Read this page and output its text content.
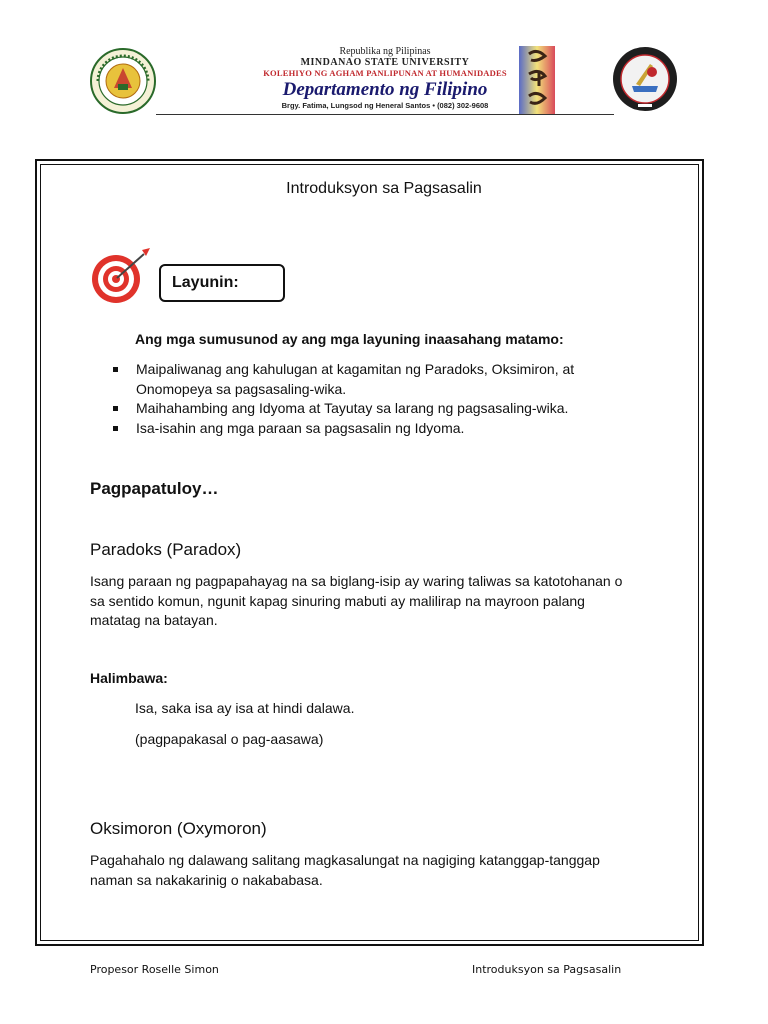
Republika ng Pilipinas
MINDANAO STATE UNIVERSITY
KOLEHIYO NG AGHAM PANLIPUNAN AT HUMANIDADES
Departamento ng Filipino
Brgy. Fatima, Lungsod ng Heneral Santos • (082) 302-9608
Introduksyon sa Pagsasalin
Layunin:
Ang mga sumusunod ay ang mga layuning inaasahang matamo:
Maipaliwanag ang kahulugan at kagamitan ng Paradoks, Oksimiron, at Onomopeya sa pagsasaling-wika.
Maihahambing ang Idyoma at Tayutay sa larang ng pagsasaling-wika.
Isa-isahin ang mga paraan sa pagsasalin ng Idyoma.
Pagpapatuloy…
Paradoks (Paradox)
Isang paraan ng pagpapahayag na sa biglang-isip ay waring taliwas sa katotohanan o
sa sentido komun, ngunit kapag sinuring mabuti ay malilirap na mayroon palang
matatag na batayan.
Halimbawa:
Isa, saka isa ay isa at hindi dalawa.
(pagpapakasal o pag-aasawa)
Oksimoron (Oxymoron)
Pagahahalo ng dalawang salitang magkasalungat na nagiging katanggap-tanggap
naman sa nakakarinig o nakababasa.
Propesor Roselle Simon	Introduksyon sa Pagsasalin
